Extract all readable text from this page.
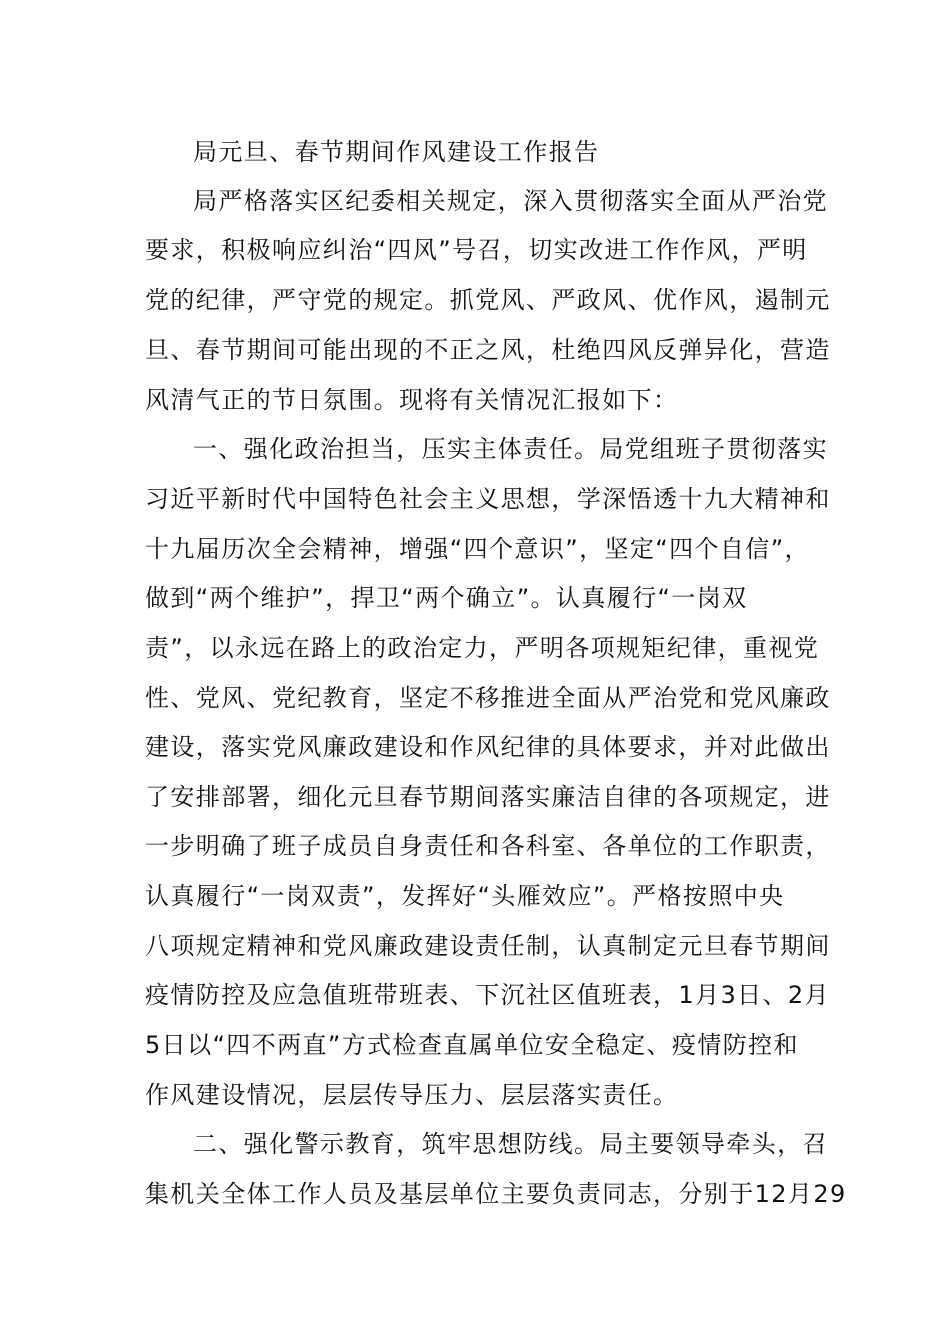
局元旦、春节期间作风建设工作报告
局严格落实区纪委相关规定，深入贯彻落实全面从严治党
要求，积极响应纠治“四风”号召，切实改进工作作风，严明
党的纪律，严守党的规定。抓党风、严政风、优作风，遏制元
旦、春节期间可能出现的不正之风，杜绝四风反弹异化，营造
风清气正的节日氛围。现将有关情况汇报如下：
一、强化政治担当，压实主体责任。局党组班子贯彻落实
习近平新时代中国特色社会主义思想，学深悟透十九大精神和
十九届历次全会精神，增强“四个意识”，坚定“四个自信”，
做到“两个维护”，捍卫“两个确立”。认真履行“一岗双
责”，以永远在路上的政治定力，严明各项规矩纪律，重视党
性、党风、党纪教育，坚定不移推进全面从严治党和党风廉政
建设，落实党风廉政建设和作风纪律的具体要求，并对此做出
了安排部署，细化元旦春节期间落实廉洁自律的各项规定，进
一步明确了班子成员自身责任和各科室、各单位的工作职责，
认真履行“一岗双责”，发挥好“头雁效应”。严格按照中央
八项规定精神和党风廉政建设责任制，认真制定元旦春节期间
疫情防控及应急值班带班表、下沉社区值班表，1月3日、2月
5日以“四不两直”方式检查直属单位安全稳定、疫情防控和
作风建设情况，层层传导压力、层层落实责任。
二、强化警示教育，筑牢思想防线。局主要领导牵头，召
集机关全体工作人员及基层单位主要负责同志，分别于12月29
